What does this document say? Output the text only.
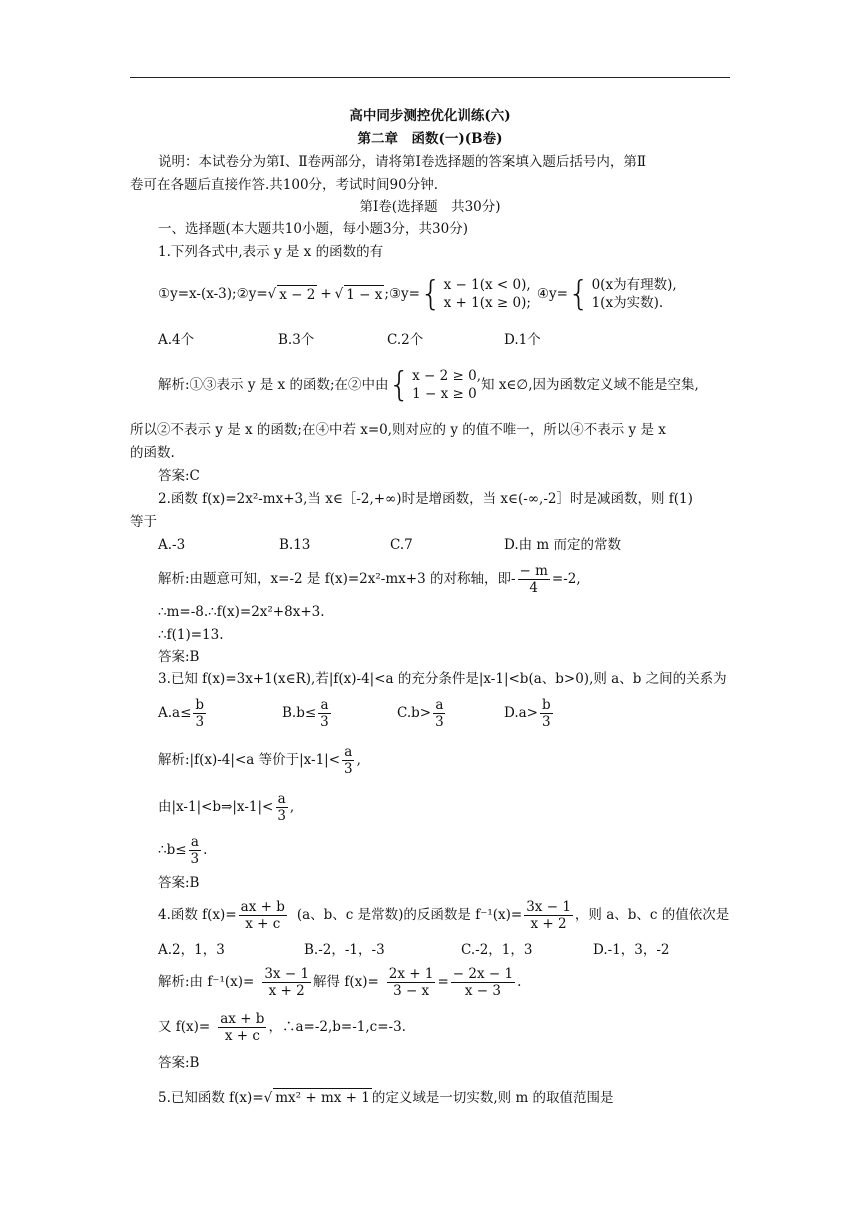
高中同步测控优化训练(六)
第二章　函数(一)(B卷)
说明：本试卷分为第Ⅰ、Ⅱ卷两部分，请将第Ⅰ卷选择题的答案填入题后括号内，第Ⅱ
卷可在各题后直接作答.共100分，考试时间90分钟.
第Ⅰ卷(选择题　共30分)
一、选择题(本大题共10小题，每小题3分，共30分)
1.下列各式中,表示 y 是 x 的函数的有
①y=x-(x-3);②y= √ x − 2 + √ 1 − x ;③y= { x − 1(x < 0),
x + 1(x ≥ 0);
④y= { 0(x为有理数),
1(x为实数).
A.4个	B.3个	C.2个	D.1个
解析:①③表示 y 是 x 的函数;在②中由 { x − 2 ≥ 0,
1 − x ≥ 0
知 x∈∅,因为函数定义域不能是空集,
所以②不表示 y 是 x 的函数;在④中若 x=0,则对应的 y 的值不唯一，所以④不表示 y 是 x
的函数.
答案:C
2.函数 f(x)=2x²-mx+3,当 x∈［-2,+∞)时是增函数，当 x∈(-∞,-2］时是减函数，则 f(1)
等于
A.-3	B.13	C.7	D.由 m 而定的常数
解析:由题意可知，x=-2 是 f(x)=2x²-mx+3 的对称轴，即- $\frac{- m}{4} =-2$,
∴m=-8.∴f(x)=2x²+8x+3.
∴f(1)=13.
答案:B
3.已知 f(x)=3x+1(x∈R),若|f(x)-4|<a 的充分条件是|x-1|<b(a、b>0),则 a、b 之间的关系为
$A.a\le \frac{b}{3}$	$B.b\le \frac{a}{3}$	$C.b> \frac{a}{3}$	$D.a> \frac{b}{3}$
解析:|f(x)-4|<a 等价于$|x-1|< \frac{a}{3}$ ,
由|x-1|<b⇒|x-1|< $\frac{a}{3}$ ,
∴b≤ $\frac{a}{3}$ .
答案:B
4.函数 $f(x)= \frac{ax + b}{x + c} (a$、b、c 是常数)的反函数是 $f^{-1}(x)= \frac{3x - 1}{x + 2}$ ，则 a、b、c 的值依次是
A.2，1，3	B.-2，-1，-3	C.-2，1，3	D.-1，3，-2
解析:由 $f^{-1}(x)= \frac{3x - 1}{x + 2}$ 解得 $f(x)= \frac{2x + 1}{3 - x} = \frac{- 2x - 1}{x - 3}$ .
又 $f(x)= \frac{ax + b}{x + c}$ ，∴a=-2,b=-1,c=-3.
答案:B
5.已知函数 f(x)= √ mx² + mx + 1 的定义域是一切实数,则 m 的取值范围是
